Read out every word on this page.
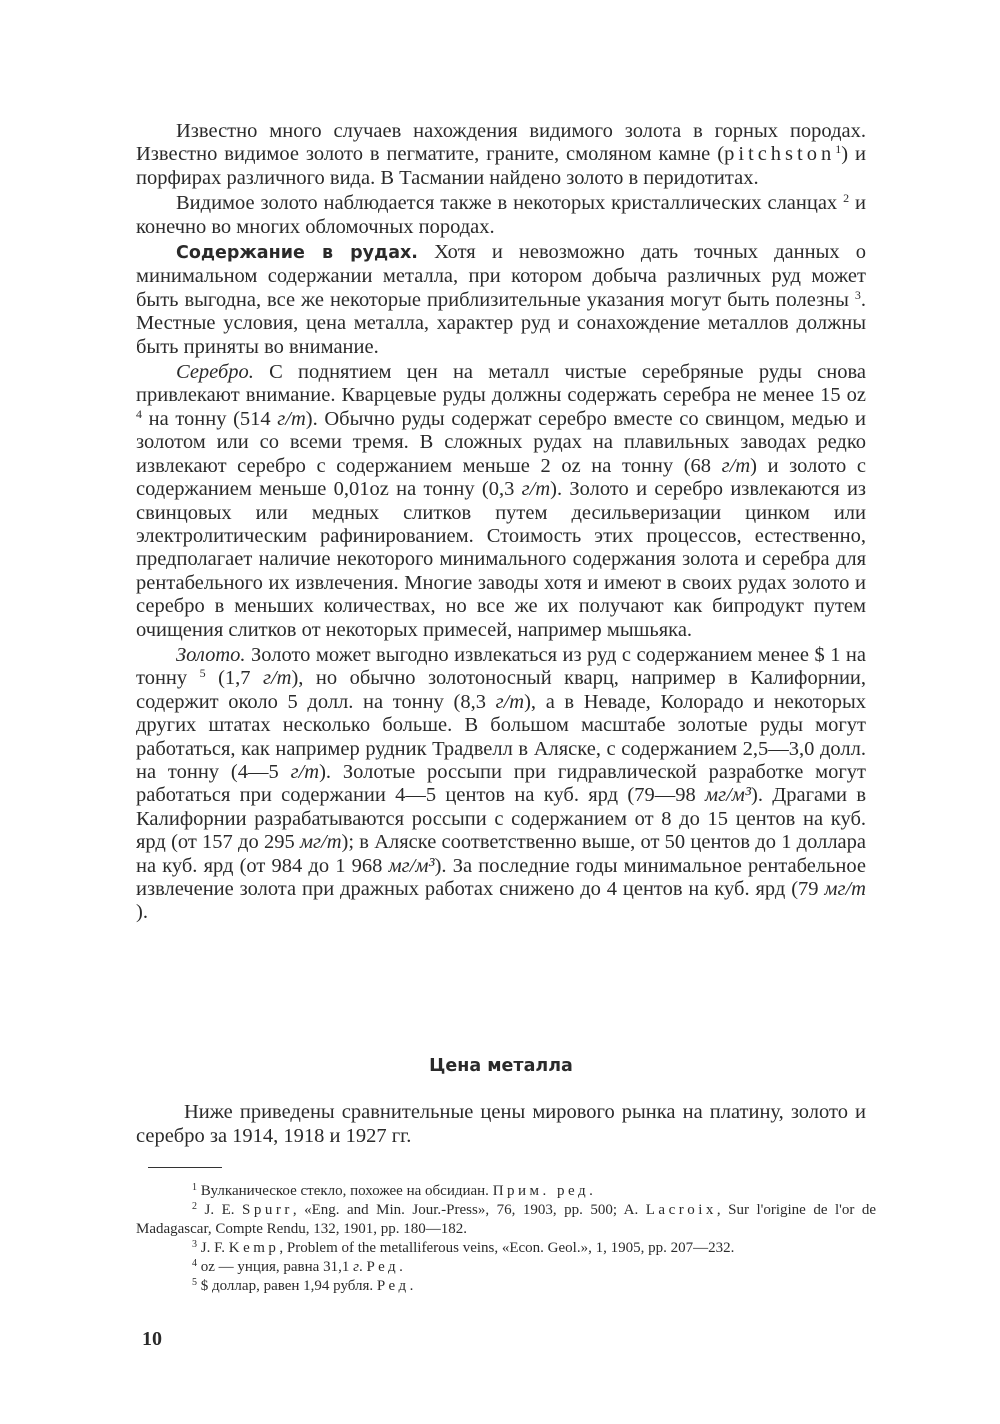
Известно много случаев нахождения видимого золота в горных породах. Известно видимое золото в пегматите, граните, смоляном камне (pitchston$^1$) и порфирах различного вида. В Тасмании найдено золото в перидотитах.

Видимое золото наблюдается также в некоторых кристаллических сланцах $^2$ и конечно во многих обломочных породах.

Содержание в рудах. Хотя и невозможно дать точных данных о минимальном содержании металла, при котором добыча различных руд может быть выгодна, все же некоторые приблизительные указания могут быть полезны $^3$. Местные условия, цена металла, характер руд и сонахождение металлов должны быть приняты во внимание.

Серебро. С поднятием цен на металл чистые серебряные руды снова привлекают внимание. Кварцевые руды должны содержать серебра не менее 15 oz $^4$ на тонну (514 г/т). Обычно руды содержат серебро вместе со свинцом, медью и золотом или со всеми тремя. В сложных рудах на плавильных заводах редко извлекают серебро с содержанием меньше 2 oz на тонну (68 г/т) и золото с содержанием меньше 0,01oz на тонну (0,3 г/т). Золото и серебро извлекаются из свинцовых или медных слитков путем десильверизации цинком или электролитическим рафинированием. Стоимость этих процессов, естественно, предполагает наличие некоторого минимального содержания золота и серебра для рентабельного их извлечения. Многие заводы хотя и имеют в своих рудах золото и серебро в меньших количествах, но все же их получают как бипродукт путем очищения слитков от некоторых примесей, например мышьяка.

Золото. Золото может выгодно извлекаться из руд с содержанием менее $ 1 на тонну $^5$ (1,7 г/т), но обычно золотоносный кварц, например в Калифорнии, содержит около 5 долл. на тонну (8,3 г/т), а в Неваде, Колорадо и некоторых других штатах несколько больше. В большом масштабе золотые руды могут работаться, как например рудник Традвелл в Аляске, с содержанием 2,5—3,0 долл. на тонну (4—5 г/т). Золотые россыпи при гидравлической разработке могут работаться при содержании 4—5 центов на куб. ярд (79—98 мг/м³). Драгами в Калифорнии разрабатываются россыпи с содержанием от 8 до 15 центов на куб. ярд (от 157 до 295 мг/т); в Аляске соответственно выше, от 50 центов до 1 доллара на куб. ярд (от 984 до 1 968 мг/м³). За последние годы минимальное рентабельное извлечение золота при дражных работах снижено до 4 центов на куб. ярд (79 мг/т ).

Цена металла

Ниже приведены сравнительные цены мирового рынка на платину, золото и серебро за 1914, 1918 и 1927 гг.

$^1$ Вулканическое стекло, похожее на обсидиан. Прим. ред.

$^2$ J. E. Spurr, «Eng. and Min. Jour.-Press», 76, 1903, pp. 500; A. Lacroix, Sur l'origine de l'or de Madagascar, Compte Rendu, 132, 1901, pp. 180—182.

$^3$ J. F. Kemp, Problem of the metalliferous veins, «Econ. Geol.», 1, 1905, pp. 207—232.

$^4$ oz — унция, равна 31,1 г. Ред.

$^5$ $ доллар, равен 1,94 рубля. Ред.

10
